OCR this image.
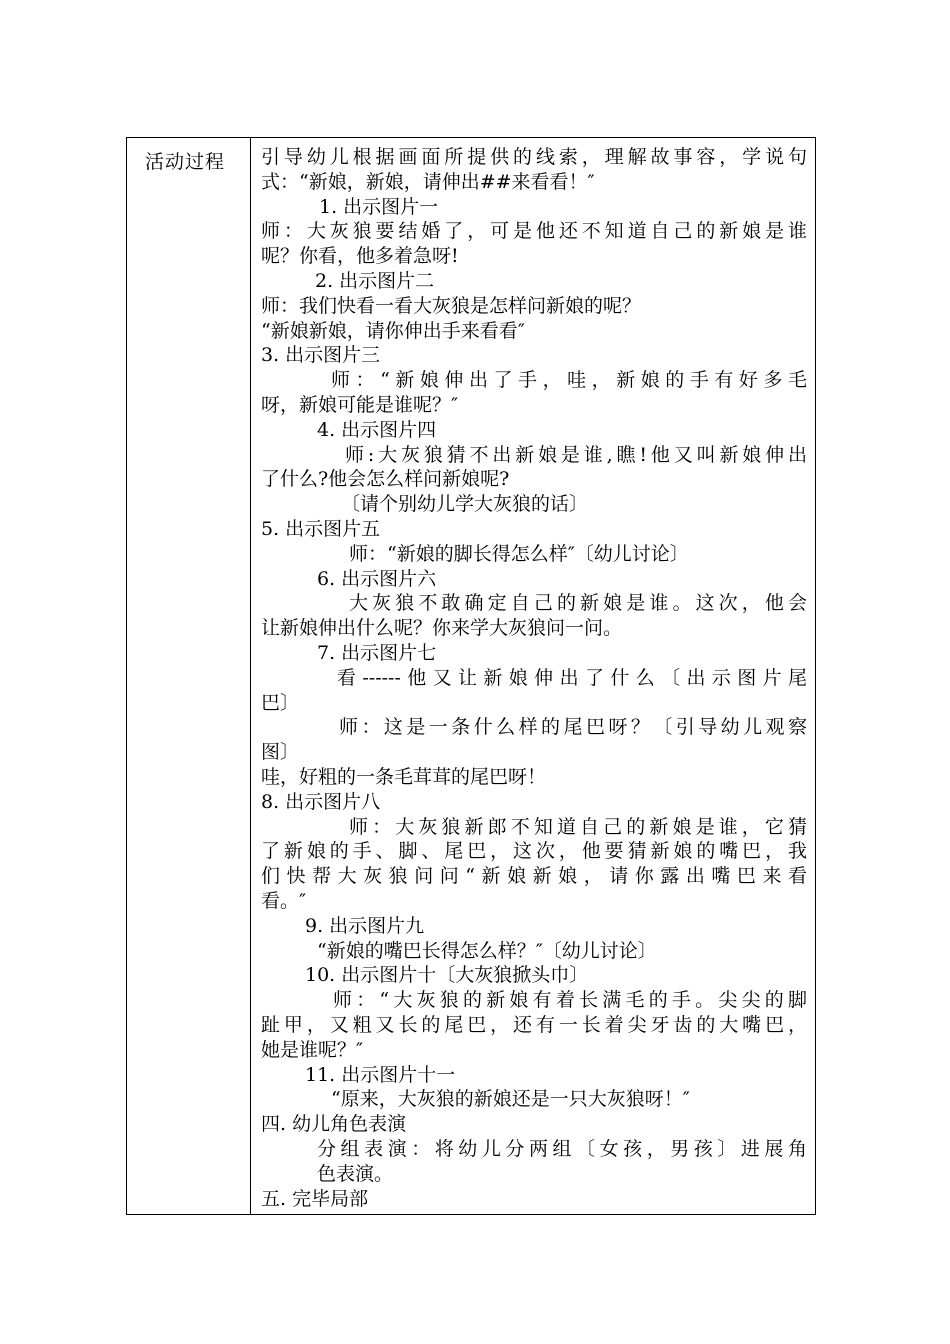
活动过程 引导幼儿根据画面所提供的线索，理解故事容，学说句
式：“新娘，新娘，请伸出##来看看！″
1. 出示图片一
师：大灰狼要结婚了，可是他还不知道自己的新娘是谁
呢？你看，他多着急呀!
2. 出示图片二
师：我们快看一看大灰狼是怎样问新娘的呢？
“新娘新娘，请你伸出手来看看″
3. 出示图片三
师：“新娘伸出了手，哇，新娘的手有好多毛
呀，新娘可能是谁呢？″
4. 出示图片四
师:大灰狼猜不出新娘是谁,瞧!他又叫新娘伸出
了什么?他会怎么样问新娘呢?
〔请个别幼儿学大灰狼的话〕
5. 出示图片五
师：“新娘的脚长得怎么样″〔幼儿讨论〕
6. 出示图片六
大灰狼不敢确定自己的新娘是谁。这次，他会
让新娘伸出什么呢？你来学大灰狼问一问。
7. 出示图片七
看------他又让新娘伸出了什么〔出示图片尾
巴〕
师：这是一条什么样的尾巴呀？〔引导幼儿观察
图〕
哇，好粗的一条毛茸茸的尾巴呀！
8. 出示图片八
师：大灰狼新郎不知道自己的新娘是谁，它猜
了新娘的手、脚、尾巴，这次，他要猜新娘的嘴巴，我
们快帮大灰狼问问“新娘新娘，请你露出嘴巴来看
看。″
9. 出示图片九
“新娘的嘴巴长得怎么样？″〔幼儿讨论〕
10. 出示图片十〔大灰狼掀头巾〕
师：“大灰狼的新娘有着长满毛的手。尖尖的脚
趾甲，又粗又长的尾巴，还有一长着尖牙齿的大嘴巴，
她是谁呢？″
11. 出示图片十一
“原来，大灰狼的新娘还是一只大灰狼呀！″
四. 幼儿角色表演
分组表演：将幼儿分两组〔女孩，男孩〕进展角
色表演。
五. 完毕局部
